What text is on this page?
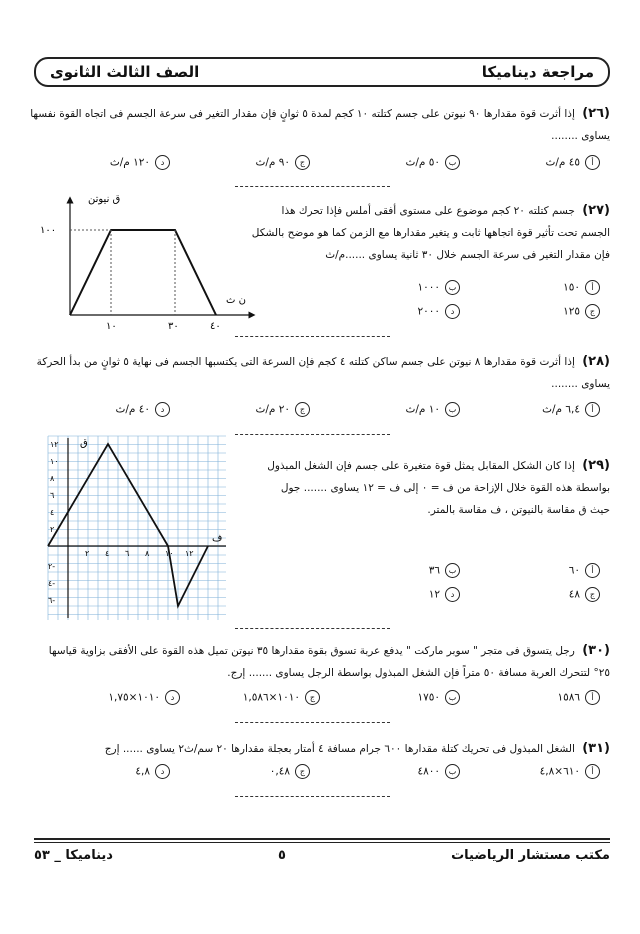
الصف الثالث الثانوى	مراجعة ديناميكا
(٢٦) إذا أثرت قوة مقدارها ٩٠ نيوتن على جسم كتلته ١٠ كجم لمدة ٥ ثوانٍ فإن مقدار التغير فى سرعة الجسم فى اتجاه القوة نفسها يساوى ........
أ٤٥ م/ث
ب٥٠ م/ث
ج٩٠ م/ث
د١٢٠ م/ث
(٢٧) جسم كتلته ٢٠ كجم موضوع على مستوى أفقى أملس فإذا تحرك هذا الجسم تحت تأثير قوة اتجاهها ثابت و يتغير مقدارها مع الزمن كما هو موضح بالشكل فإن مقدار التغير فى سرعة الجسم خلال ٣٠ ثانية يساوى ......م/ث
أ١٥٠
ب١٠٠٠
ج١٢٥
د٢٠٠٠
ق نيوتن
ن ث
١٠٠
١٠	٣٠	٤٠
(٢٨) إذا أثرت قوة مقدارها ٨ نيوتن على جسم ساكن كتلته ٤ كجم فإن السرعة التى يكتسبها الجسم فى نهاية ٥ ثوانٍ من بدأ الحركة يساوى ........
أ٦,٤ م/ث
ب١٠ م/ث
ج٢٠ م/ث
د٤٠ م/ث
(٢٩) إذا كان الشكل المقابل يمثل قوة متغيرة على جسم فإن الشغل المبذول بواسطة هذه القوة خلال الإزاحة من ف = ٠ إلى ف = ١٢ يساوى ....... جول
حيث ق مقاسة بالنيوتن ، ف مقاسة بالمتر.
أ٦٠
ب٣٦
ج٤٨
د١٢
ق
ف
١٢
١٠
٨
٦
٤
٢
٢-
٤-
٦-
٢ ٤ ٦ ٨ ١٠ ١٢
(٣٠) رجل يتسوق فى متجر " سوبر ماركت " يدفع عربة تسوق بقوة مقدارها ٣٥ نيوتن تميل هذه القوة على الأفقى بزاوية قياسها ٢٥° لتتحرك العربة مسافة ٥٠ متراً فإن الشغل المبذول بواسطة الرجل يساوى ....... إرج.
أ١٥٨٦
ب١٧٥٠
ج١٠١٠×١,٥٨٦
د١٠١٠×١,٧٥
(٣١) الشغل المبذول فى تحريك كتلة مقدارها ٦٠٠ جرام مسافة ٤ أمتار بعجلة مقدارها ٢٠ سم/ث٢ يساوى ...... إرج
أ٦١٠×٤,٨
ب٤٨٠٠
ج٠,٤٨
د٤,٨
ديناميكا _ ٥٣	٥	مكتب مستشار الرياضيات
